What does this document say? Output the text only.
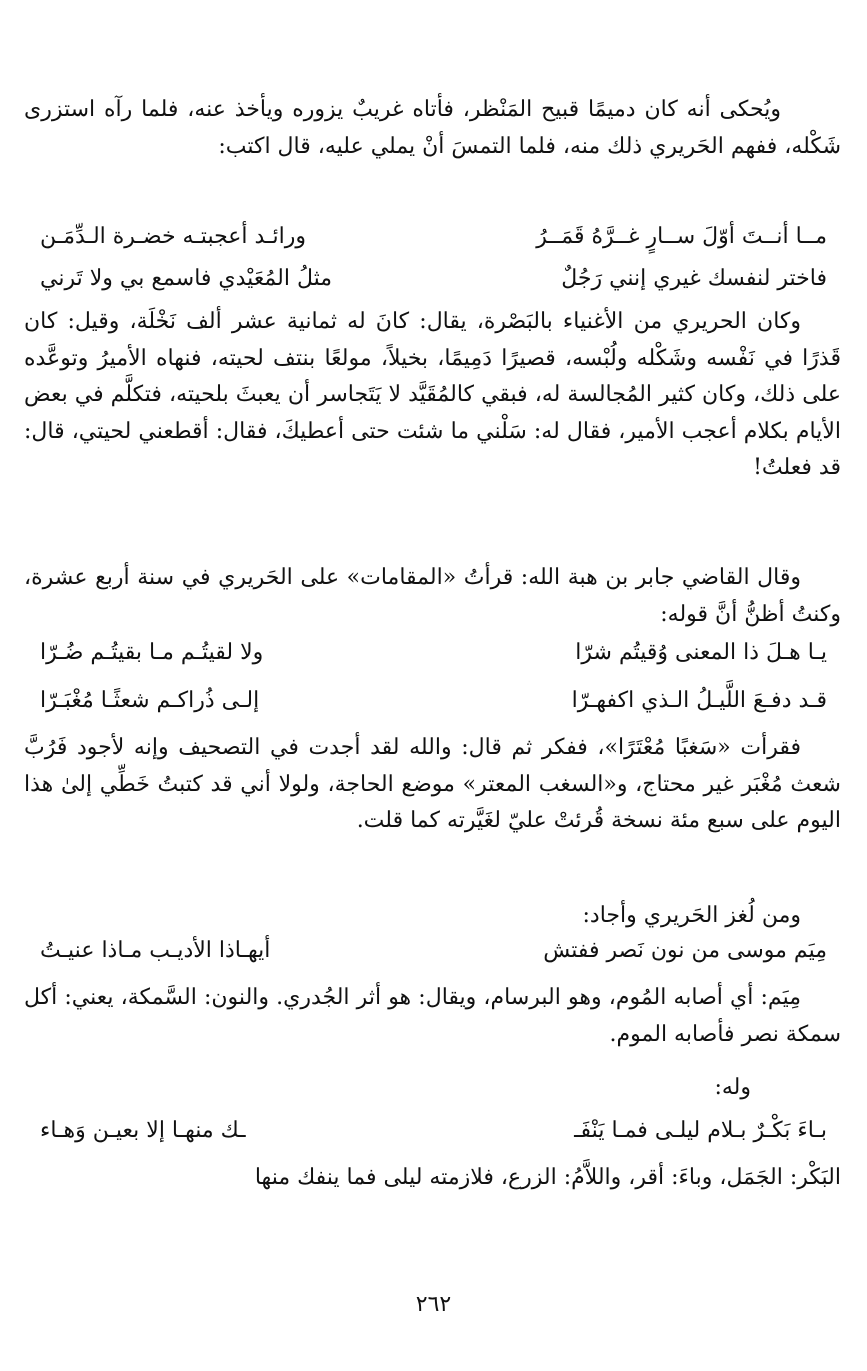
ويُحكى أنه كان دميمًا قبيح المَنْظر، فأتاه غريبٌ يزوره ويأخذ عنه، فلما رآه استزرى شَكْله، ففهم الحَريري ذلك منه، فلما التمسَ أنْ يملي عليه، قال اكتب:

مــا أنــتَ أوّلَ ســارٍ غــرَّهُ قَمَــرُ
ورائـد أعجبتـه خضـرة الـدِّمَـن
فاختر لنفسك غيري إنني رَجُلٌ
مثلُ المُعَيْدي فاسمع بي ولا تَرني

وكان الحريري من الأغنياء بالبَصْرة، يقال: كانَ له ثمانية عشر ألف نَخْلَة، وقيل: كان قَذرًا في نَفْسه وشَكْله ولُبْسه، قصيرًا دَمِيمًا، بخيلاً، مولعًا بنتف لحيته، فنهاه الأميرُ وتوعَّده على ذلك، وكان كثير المُجالسة له، فبقي كالمُقَيَّد لا يَتَجاسر أن يعبثَ بلحيته، فتكلَّم في بعض الأيام بكلام أعجب الأمير، فقال له: سَلْني ما شئت حتى أعطيكَ، فقال: أقطعني لحيتي، قال: قد فعلتُ!

وقال القاضي جابر بن هبة الله: قرأتُ «المقامات» على الحَريري في سنة أربع عشرة، وكنتُ أظنُّ أنَّ قوله:

يـا هـلَ ذا المعنى وُقيتُم شرّا
ولا لقيتُـم مـا بقيتُـم ضُـرّا
قـد دفـعَ اللَّيـلُ الـذي اكفهـرّا
إلـى ذُراكـم شعثًـا مُغْبَـرّا

فقرأت «سَغبًا مُعْتَرًا»، ففكر ثم قال: والله لقد أجدت في التصحيف وإنه لأجود فَرُبَّ شعث مُغْبَر غير محتاج، و«السغب المعتر» موضع الحاجة، ولولا أني قد كتبتُ خَطِّي إلىٰ هذا اليوم على سبع مئة نسخة قُرئتْ عليّ لغَيَّرته كما قلت.

ومن لُغز الحَريري وأجاد:

مِيَم موسى من نون نَصر ففتش
أيهـاذا الأديـب مـاذا عنيـتُ

مِيَم: أي أصابه المُوم، وهو البرسام، ويقال: هو أثر الجُدري. والنون: السَّمكة، يعني: أكل سمكة نصر فأصابه الموم.

وله:

بـاءَ بَكْـرٌ بـلام ليلـى فمـا يَنْفَـ
ـك منهـا إلا بعيـن وَهـاء

البَكْر: الجَمَل، وباءَ: أقر، واللاَّمُ: الزرع، فلازمته ليلى فما ينفك منها

٢٦٢
